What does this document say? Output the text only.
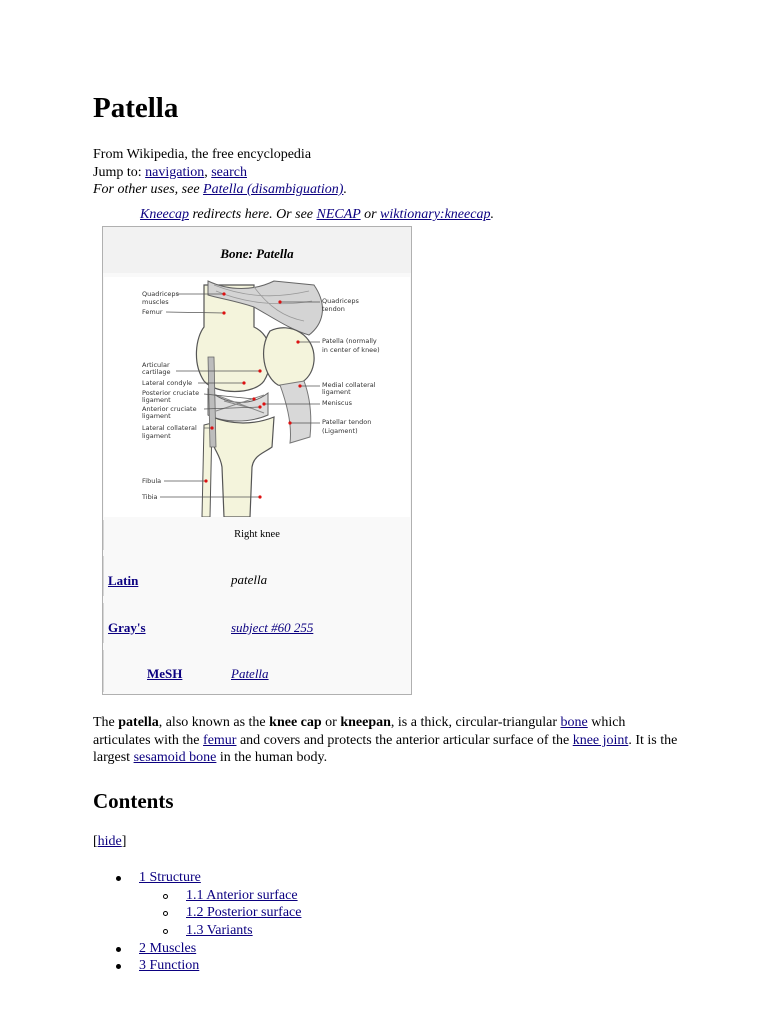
Patella
From Wikipedia, the free encyclopedia
Jump to: navigation, search
For other uses, see Patella (disambiguation).
Kneecap redirects here. Or see NECAP or wiktionary:kneecap.
Bone: Patella
Quadriceps
muscles
Femur
Articular
cartilage
Lateral condyle
Posterior cruciate
ligament
Anterior cruciate
ligament
Lateral collateral
ligament
Fibula
Tibia
Quadriceps
tendon
Patella (normally
in center of knee)
Medial collateral
ligament
Meniscus
Patellar tendon
(Ligament)
Right knee
Latin	patella
Gray's	subject #60 255
MeSH	Patella
The patella, also known as the knee cap or kneepan, is a thick, circular-triangular bone which articulates with the femur and covers and protects the anterior articular surface of the knee joint. It is the largest sesamoid bone in the human body.
Contents
[hide]
1 Structure
1.1 Anterior surface
1.2 Posterior surface
1.3 Variants
2 Muscles
3 Function
